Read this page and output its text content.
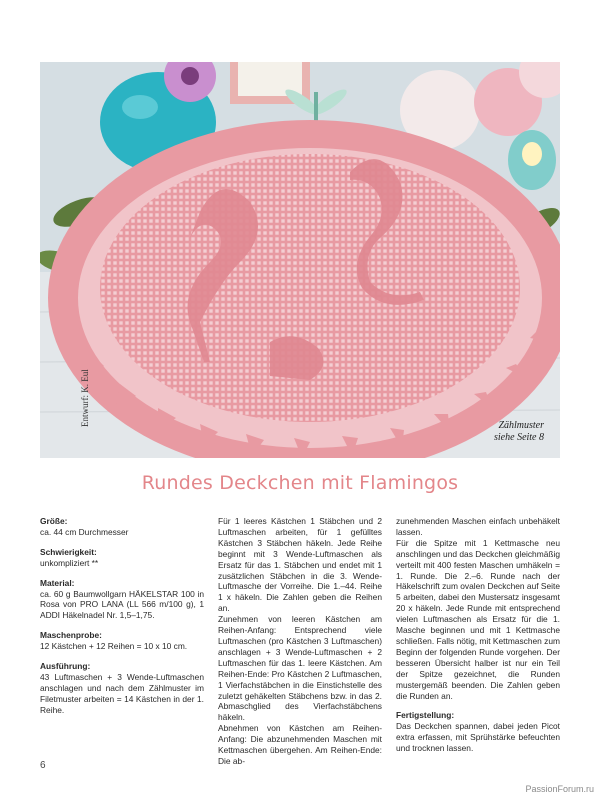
Entwurf: K. Eul	Zählmuster
siehe Seite 8
Rundes Deckchen mit Flamingos

Größe:

ca. 44 cm Durchmesser

Schwierigkeit:

unkompliziert **

Material:

ca. 60 g Baumwollgarn HÄKELSTAR 100 in Rosa von PRO LANA (LL 566 m/100 g), 1 ADDI Häkelnadel Nr. 1,5–1,75.

Maschenprobe:

12 Kästchen + 12 Reihen = 10 x 10 cm.

Ausführung:

43 Luftmaschen + 3 Wende-Luftmaschen anschlagen und nach dem Zählmuster im Filetmuster arbeiten = 14 Kästchen in der 1. Reihe.

Für 1 leeres Kästchen 1 Stäbchen und 2 Luftmaschen arbeiten, für 1 gefülltes Kästchen 3 Stäbchen häkeln. Jede Reihe beginnt mit 3 Wende-Luftmaschen als Ersatz für das 1. Stäbchen und endet mit 1 zusätzlichen Stäbchen in die 3. Wende-Luftmasche der Vorreihe. Die 1.–44. Reihe 1 x häkeln. Die Zahlen geben die Reihen an.

Zunehmen von leeren Kästchen am Reihen-Anfang: Entsprechend viele Luftmaschen (pro Kästchen 3 Luftmaschen) anschlagen + 3 Wende-Luftmaschen + 2 Luftmaschen für das 1. leere Kästchen. Am Reihen-Ende: Pro Kästchen 2 Luftmaschen, 1 Vierfachstäbchen in die Einstichstelle des zuletzt gehäkelten Stäbchens bzw. in das 2. Abmaschglied des Vierfachstäbchens häkeln.

Abnehmen von Kästchen am Reihen-Anfang: Die abzunehmenden Maschen mit Kettmaschen übergehen. Am Reihen-Ende: Die ab-

zunehmenden Maschen einfach unbehäkelt lassen.

Für die Spitze mit 1 Kettmasche neu anschlingen und das Deckchen gleichmäßig verteilt mit 400 festen Maschen umhäkeln = 1. Runde. Die 2.–6. Runde nach der Häkelschrift zum ovalen Deckchen auf Seite 5 arbeiten, dabei den Mustersatz insgesamt 20 x häkeln. Jede Runde mit entsprechend vielen Luftmaschen als Ersatz für die 1. Masche beginnen und mit 1 Kettmasche schließen. Falls nötig, mit Kettmaschen zum Beginn der folgenden Runde vorgehen. Der besseren Übersicht halber ist nur ein Teil der Spitze gezeichnet, die Runden mustergemäß beenden. Die Zahlen geben die Runden an.

Fertigstellung:

Das Deckchen spannen, dabei jeden Picot extra erfassen, mit Sprühstärke befeuchten und trocknen lassen.

6
PassionForum.ru
